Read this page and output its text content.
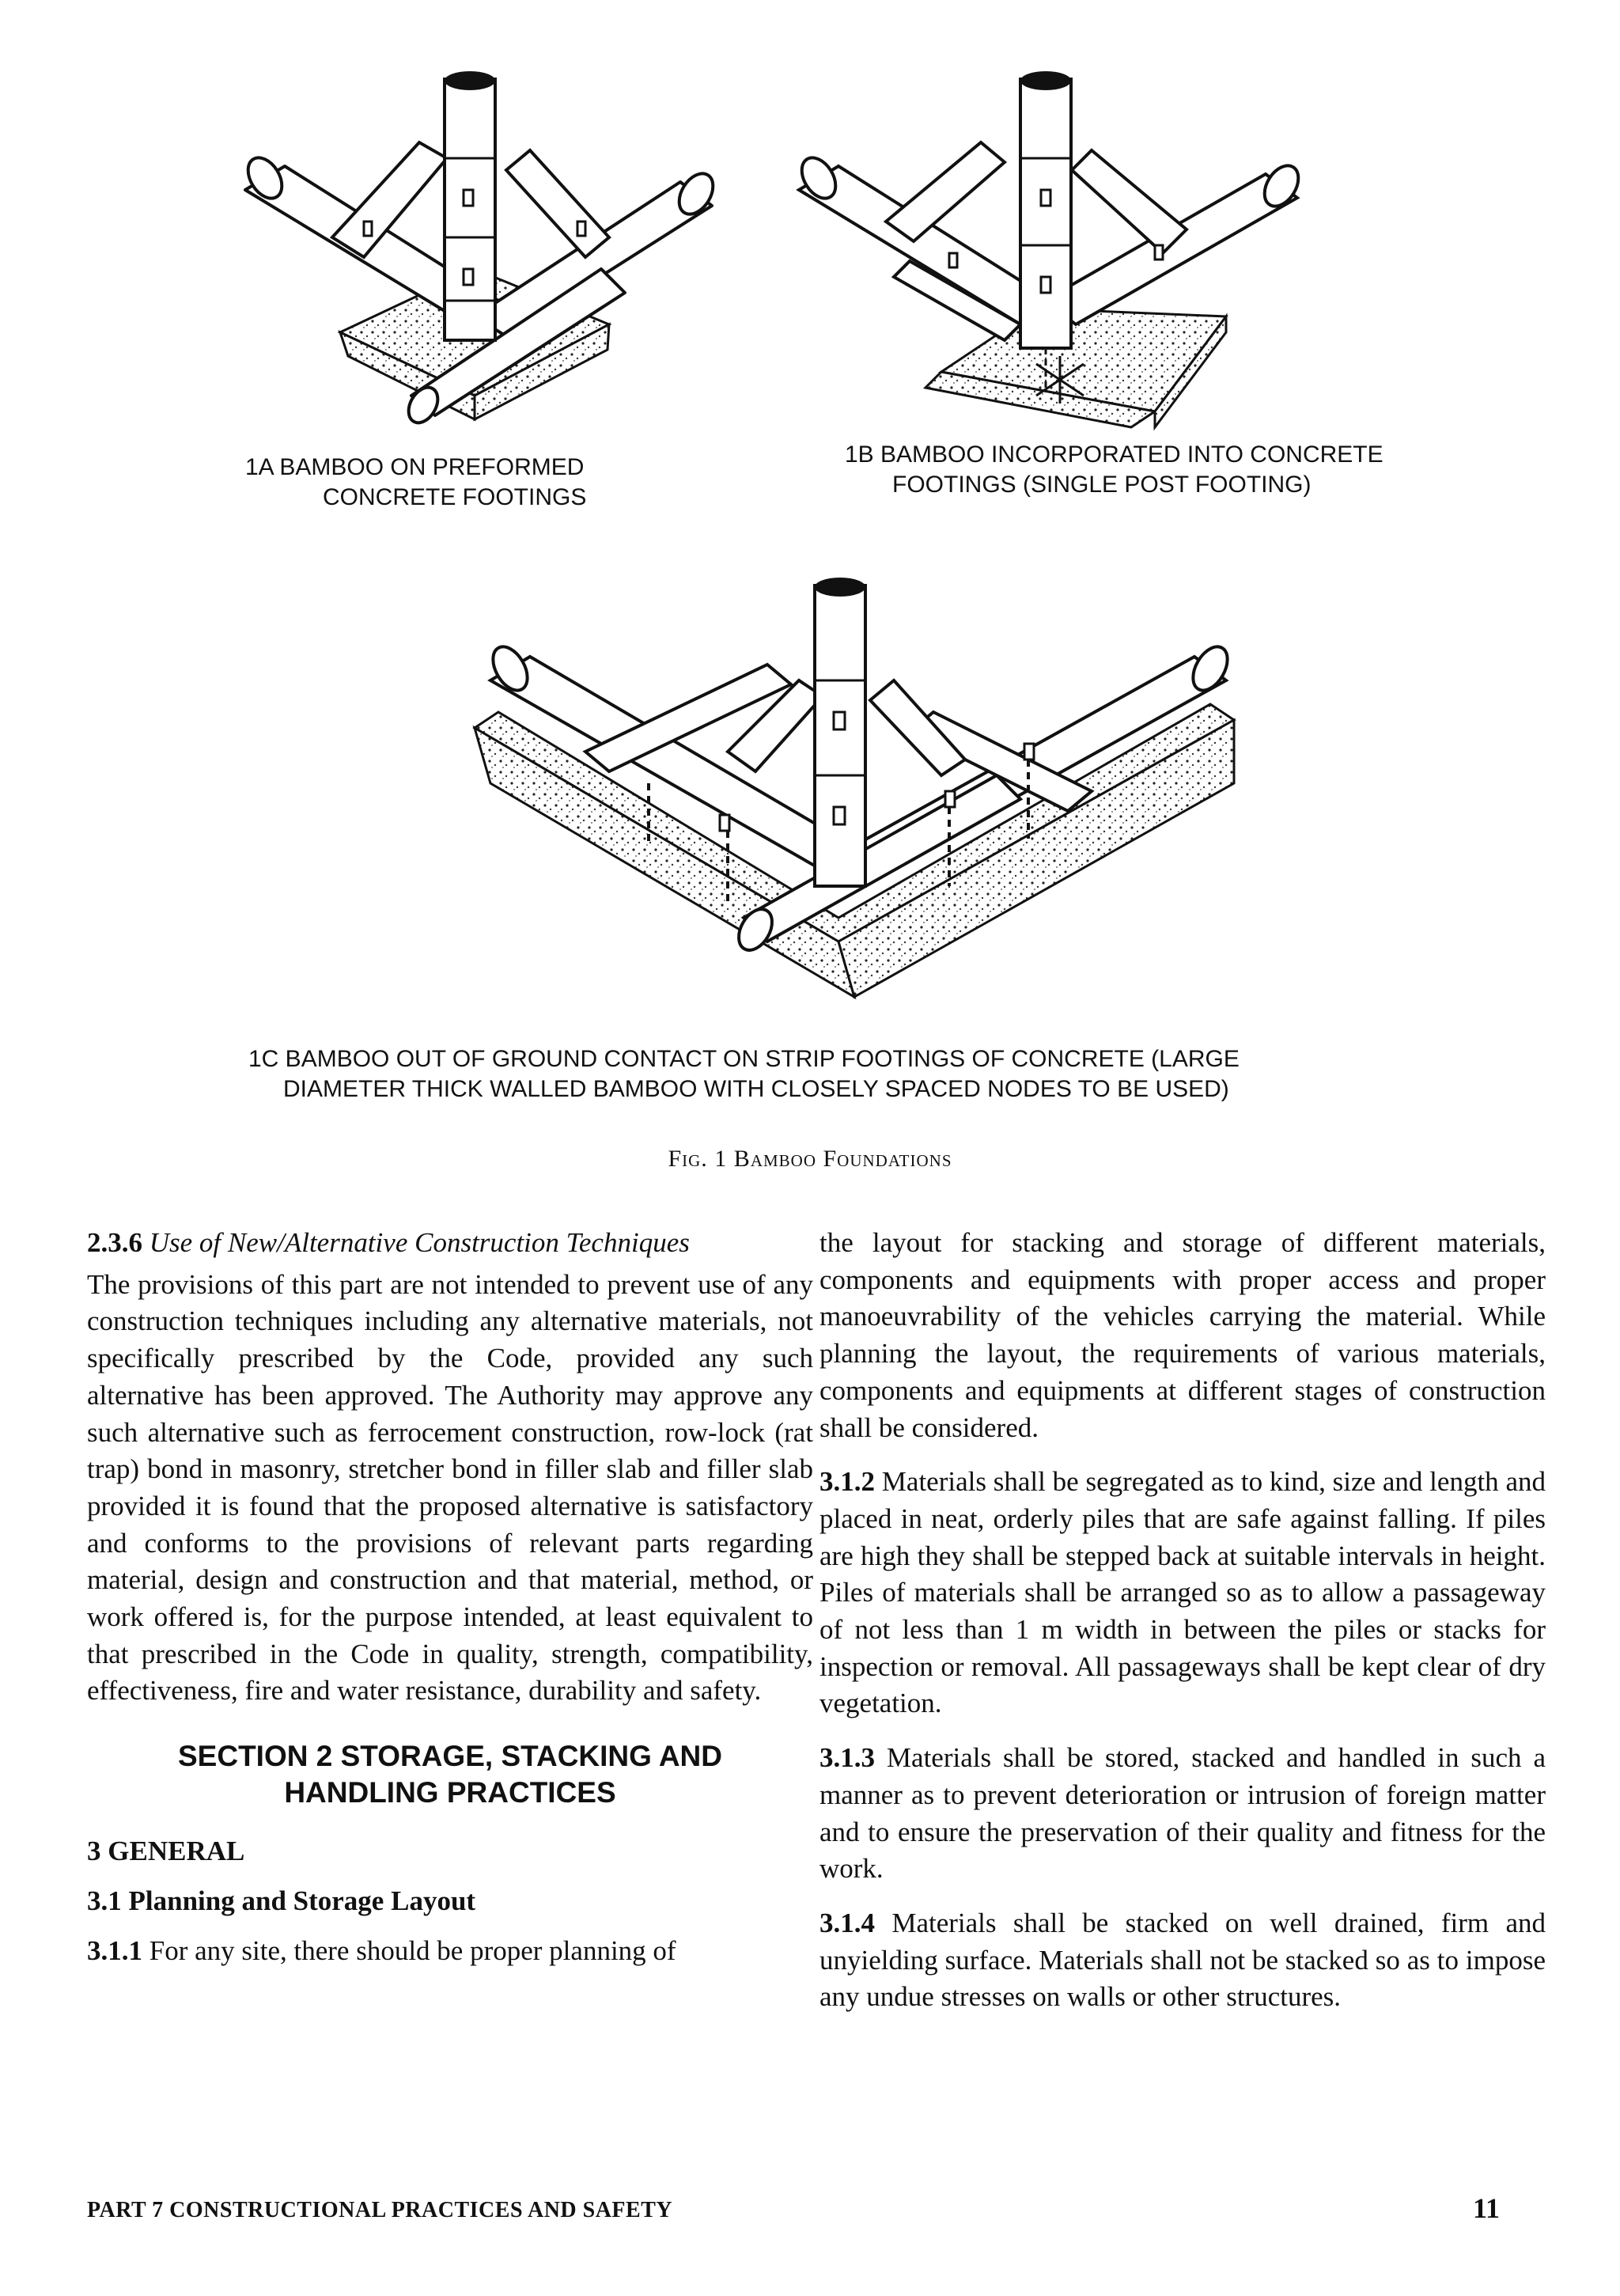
1A BAMBOO ON PREFORMED
CONCRETE FOOTINGS
1B BAMBOO INCORPORATED INTO CONCRETE
FOOTINGS (SINGLE POST FOOTING)
1C BAMBOO OUT OF GROUND CONTACT ON STRIP FOOTINGS OF CONCRETE (LARGE
DIAMETER THICK WALLED BAMBOO WITH CLOSELY SPACED NODES TO BE USED)
Fig. 1 Bamboo Foundations

2.3.6 Use of New/Alternative Construction Techniques

The provisions of this part are not intended to prevent use of any construction techniques including any alternative materials, not specifically prescribed by the Code, provided any such alternative has been approved. The Authority may approve any such alternative such as ferrocement construction, row-lock (rat trap) bond in masonry, stretcher bond in filler slab and filler slab provided it is found that the proposed alternative is satisfactory and conforms to the provisions of relevant parts regarding material, design and construction and that material, method, or work offered is, for the purpose intended, at least equivalent to that prescribed in the Code in quality, strength, compatibility, effectiveness, fire and water resistance, durability and safety.

SECTION 2 STORAGE, STACKING AND
HANDLING PRACTICES

3 GENERAL

3.1 Planning and Storage Layout

3.1.1 For any site, there should be proper planning of

the layout for stacking and storage of different materials, components and equipments with proper access and proper manoeuvrability of the vehicles carrying the material. While planning the layout, the requirements of various materials, components and equipments at different stages of construction shall be considered.

3.1.2 Materials shall be segregated as to kind, size and length and placed in neat, orderly piles that are safe against falling. If piles are high they shall be stepped back at suitable intervals in height. Piles of materials shall be arranged so as to allow a passageway of not less than 1 m width in between the piles or stacks for inspection or removal. All passageways shall be kept clear of dry vegetation.

3.1.3 Materials shall be stored, stacked and handled in such a manner as to prevent deterioration or intrusion of foreign matter and to ensure the preservation of their quality and fitness for the work.

3.1.4 Materials shall be stacked on well drained, firm and unyielding surface. Materials shall not be stacked so as to impose any undue stresses on walls or other structures.

PART 7 CONSTRUCTIONAL PRACTICES AND SAFETY	11
